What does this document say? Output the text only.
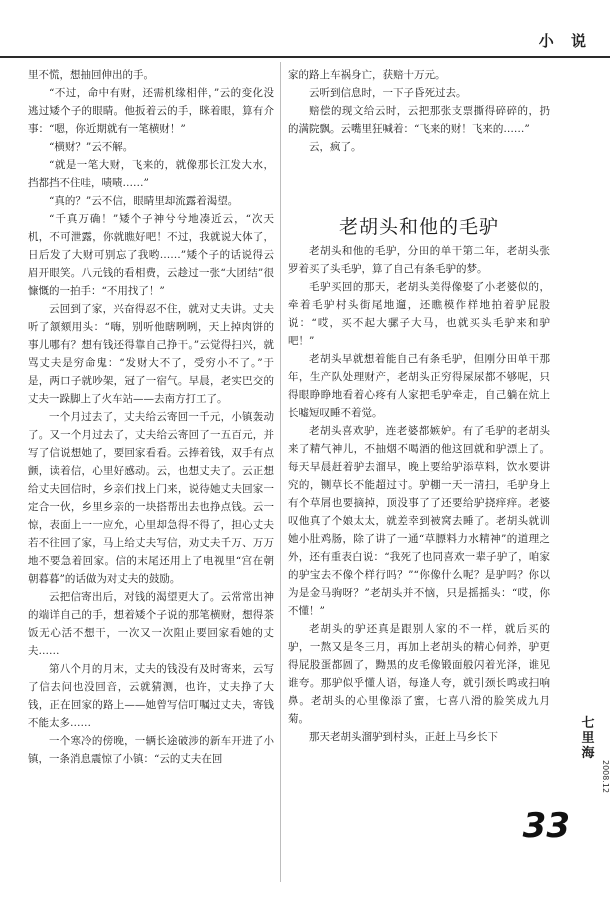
小 说

里不慌，想抽回伸出的手。

“不过，命中有财，还需机缘相伴，”云的变化没逃过矮个子的眼睛。他扳着云的手，眯着眼，算有介事：“嗯，你近期就有一笔横财！”

“横财？”云不解。

“就是一笔大财，飞来的，就像那长江发大水，挡都挡不住哇，啧啧……”

“真的？”云不信，眼睛里却流露着渴望。

“千真万确！”矮个子神兮兮地凑近云，“次天机，不可泄露，你就瞧好吧！不过，我就说大体了，日后发了大财可别忘了我哟……”矮个子的话说得云眉开眼笑。八元钱的看相费，云趁过一张“大团结”很慷慨的一拍手：“不用找了！”

云回到了家，兴奋得忍不住，就对丈夫讲。丈夫听了颔颏用头：“嗨，别听他瞎咧咧，天上掉肉饼的事儿哪有？想有钱还得靠自己挣干。”云觉得扫兴，就骂丈夫是穷命鬼：“发财大不了，受穷小不了。”于是，两口子就吵架，冠了一宿气。早晨，老实巴交的丈夫一跺脚上了火车站——去南方打工了。

一个月过去了，丈夫给云寄回一千元，小镇轰动了。又一个月过去了，丈夫给云寄回了一五百元，并写了信说想她了，要回家看看。云捧着钱，双手有点颤，读着信，心里好感动。云，也想丈夫了。云正想给丈夫回信时，乡亲们找上门来，说待她丈夫回家一定合一伙，乡里乡亲的一块搭帮出去也挣点钱。云一惊，表面上一一应允，心里却急得不得了，担心丈夫若不往回了家，马上给丈夫写信，劝丈夫千万、万万地不要急着回家。信的末尾还用上了电视里“宫在朝朝暮暮”的话做为对丈夫的鼓励。

云把信寄出后，对钱的渴望更大了。云常常出神的端详自己的手，想着矮个子说的那笔横财，想得茶饭无心活不想干，一次又一次阻止要回家看她的丈夫……

第八个月的月末，丈夫的钱没有及时寄来，云写了信去问也没回音，云就猜测，也许，丈夫挣了大钱，正在回家的路上——她曾写信叮嘱过丈夫，寄钱不能太多……

一个寒冷的傍晚，一辆长途破涉的新车开进了小镇，一条消息震惊了小镇：“云的丈夫在回

家的路上车祸身亡，获赔十万元。

云听到信息时，一下子昏死过去。

赔偿的现文给云时，云把那张支票撕得碎碎的，扔的满院飘。云嘴里狂喊着：“飞来的财！飞来的……”

云，疯了。

老胡头和他的毛驴，分田的单干第二年，老胡头张罗着买了头毛驴，算了自己有条毛驴的梦。

毛驴买回的那天，老胡头美得像娶了小老婆似的，牵着毛驴村头街尾地遛，还瞧模作样地拍着驴屁股说：“哎，买不起大骡子大马，也就买头毛驴来和驴吧！”

老胡头早就想着能自己有条毛驴，但刚分田单干那年，生产队处理财产，老胡头正穷得屎尿都不够呢，只得眼睁睁地看着心疼有人家把毛驴牵走，自己躺在炕上长嘘短叹睡不着觉。

老胡头喜欢驴，连老婆都嫉妒。有了毛驴的老胡头来了精气神儿，不抽烟不喝酒的他这回就和驴漂上了。每天早晨赶着驴去溜早，晚上要给驴添草料，饮水要讲究的，铡草长不能超过寸。驴棚一天一清扫，毛驴身上有个草屑也要摘掉，顶没事了了还要给驴挠痒痒。老婆叹他真了个娘太太，就差幸到被窝去睡了。老胡头就训她小肚鸡肠，除了讲了一通“草膘料力水精神”的道理之外，还有重表白说：“我死了也同喜欢一辈子驴了，咱家的驴宝去不像个样行吗？”“你像什么呢？是驴吗？你以为是金马驹呀？”老胡头并不恼，只是摇摇头：“哎，你不懂！”

老胡头的驴还真是跟别人家的不一样，就后买的驴，一熬又是冬三月，再加上老胡头的精心伺养，驴更得屁股蛋都圆了，黝黑的皮毛像锻面般闪着光泽，谁见谁夸。那驴似乎懂人语，每逢人夸，就引颈长鸣或扫响鼻。老胡头的心里像添了蜜，七喜八滑的脸笑成九月菊。

那天老胡头溜驴到村头，正赶上马乡长下

老胡头和他的毛驴
七里海
2008.12
33
